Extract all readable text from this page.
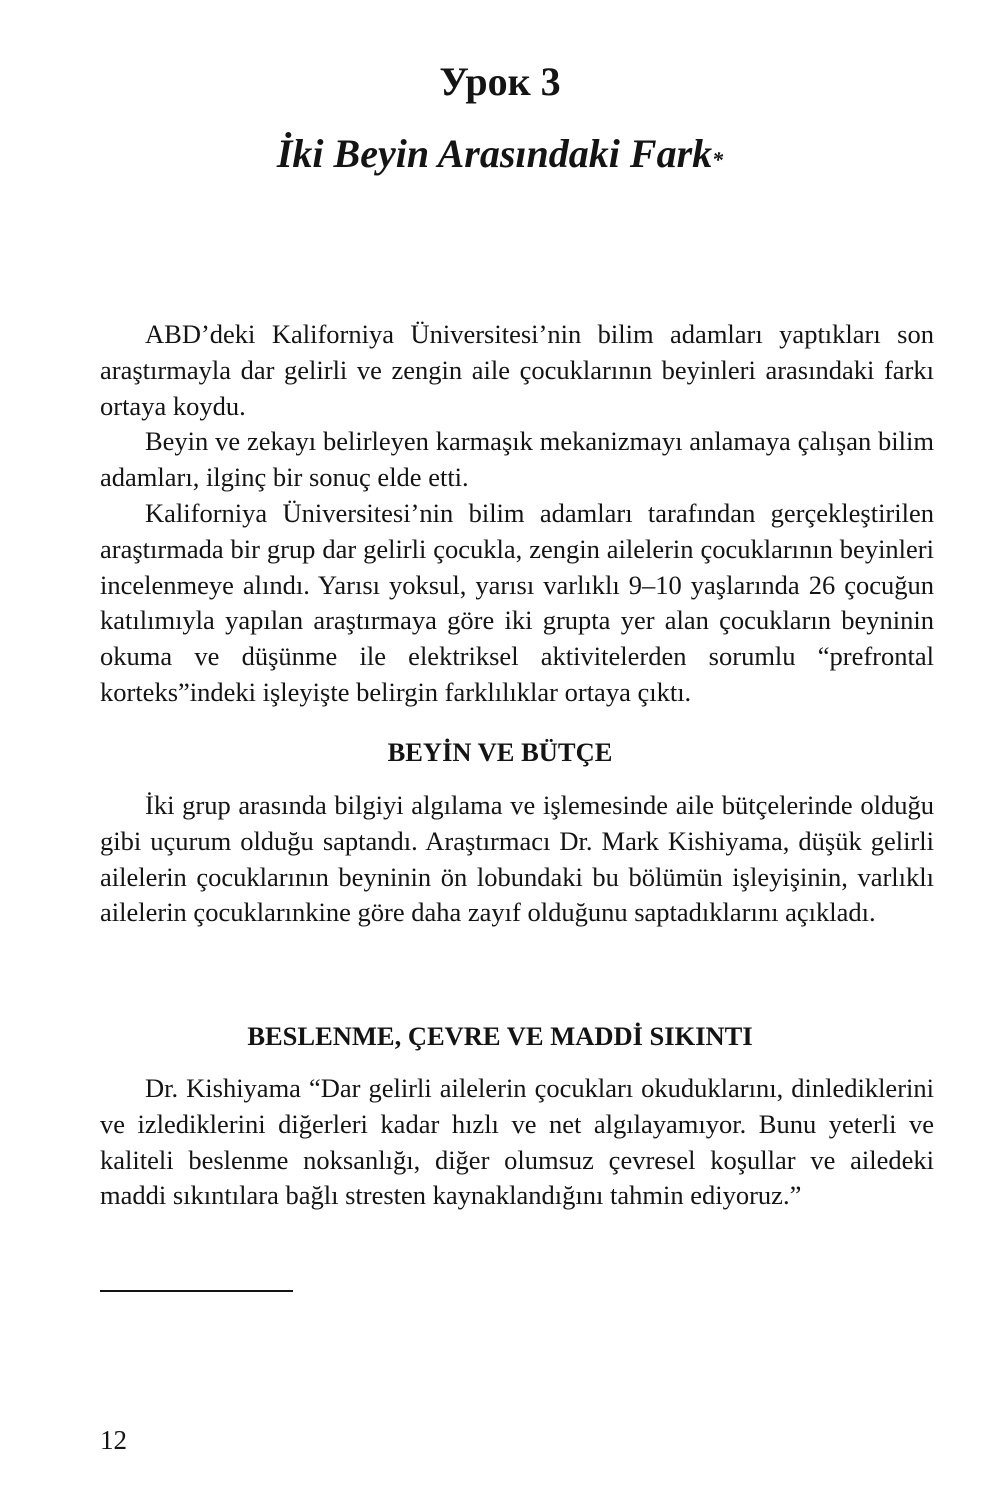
Урок 3
İki Beyin Arasındaki Fark*

ABD’deki Kaliforniya Üniversitesi’nin bilim adamları yaptıkları son araştırmayla dar gelirli ve zengin aile çocuklarının beyinleri arasındaki farkı ortaya koydu.

Beyin ve zekayı belirleyen karmaşık mekanizmayı anlamaya çalışan bilim adamları, ilginç bir sonuç elde etti.

Kaliforniya Üniversitesi’nin bilim adamları tarafından gerçekleştirilen araştırmada bir grup dar gelirli çocukla, zengin ailelerin çocuklarının beyinleri incelenmeye alındı. Yarısı yoksul, yarısı varlıklı 9–10 yaşlarında 26 çocuğun katılımıyla yapılan araştırmaya göre iki grupta yer alan çocukların beyninin okuma ve düşünme ile elektriksel aktivitelerden sorumlu “prefrontal korteks”indeki işleyişte belirgin farklılıklar ortaya çıktı.

BEYİN VE BÜTÇE

İki grup arasında bilgiyi algılama ve işlemesinde aile bütçelerinde olduğu gibi uçurum olduğu saptandı. Araştırmacı Dr. Mark Kishiyama, düşük gelirli ailelerin çocuklarının beyninin ön lobundaki bu bölümün işleyişinin, varlıklı ailelerin çocuklarınkine göre daha zayıf olduğunu saptadıklarını açıkladı.

BESLENME, ÇEVRE VE MADDİ SIKINTI

Dr. Kishiyama “Dar gelirli ailelerin çocukları okuduklarını, dinlediklerini ve izlediklerini diğerleri kadar hızlı ve net algılayamıyor. Bunu yeterli ve kaliteli beslenme noksanlığı, diğer olumsuz çevresel koşullar ve ailedeki maddi sıkıntılara bağlı stresten kaynaklandığını tahmin ediyoruz.”

12
